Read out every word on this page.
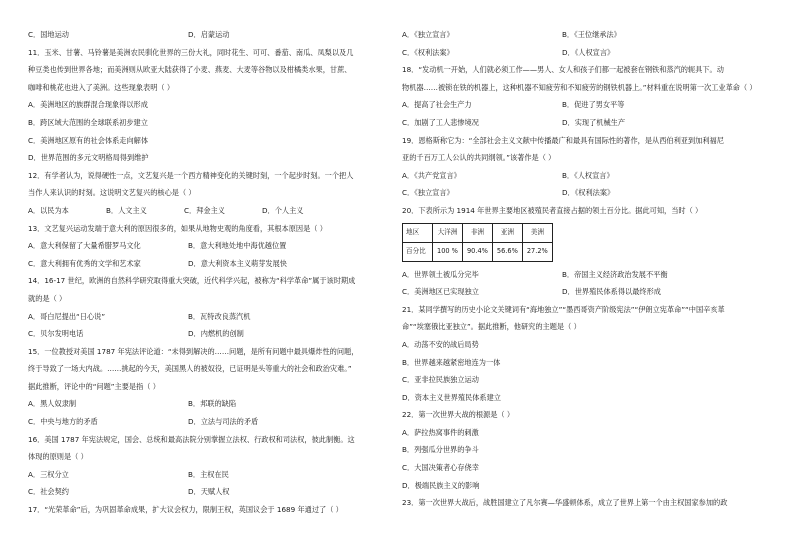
C．国地运动	D．启蒙运动
11．玉米、甘薯、马铃薯是美洲农民驯化世界的三份大礼，同时花生、可可、番茄、南瓜、凤梨以及几
种豆类也传到世界各地；而美洲则从欧亚大陆获得了小麦、燕麦、大麦等谷物以及柑橘类水果，甘蔗、
咖啡和桃花也进入了美洲。这些现象表明（ ）
A．美洲地区的族群混合现象得以形成
B．跨区域大范围的全球联系初步建立
C．美洲地区原有的社会体系走向解体
D．世界范围的多元文明格局得到维护
12．有学者认为，说得硬性一点，文艺复兴是一个西方精神变化的关键时刻，一个起步时刻。一个把人
当作人来认识的时刻。这说明文艺复兴的核心是（ ）
A．以民为本	B．人文主义	C．拜金主义	D．个人主义
13．文艺复兴运动发端于意大利的原因很多的，如果从地物史观的角度看，其根本原因是（ ）
A．意大利保留了大量希腊罗马文化	B．意大利地处地中海优越位置
C．意大利拥有优秀的文学和艺术家	D．意大利资本主义萌芽发展快
14．16-17 世纪，欧洲的自然科学研究取得重大突破，近代科学兴起，被称为“科学革命”属于该时期成
就的是（ ）
A．哥白尼提出“日心说”	B．瓦特改良蒸汽机
C．贝尔发明电话	D．内燃机的创制
15．一位教授对美国 1787 年宪法评论道：“未得到解决的……问题，是所有问题中最具爆炸性的问题，
终于导致了一场大内战。……挑起的今天，美国黑人的被奴役，已证明是头等重大的社会和政治灾难。”
据此推断，评论中的“问题”主要是指（ ）
A．黑人奴隶制	B．邦联的缺陷
C．中央与地方的矛盾	D．立法与司法的矛盾
16．美国 1787 年宪法规定，国会、总统和最高法院分别掌握立法权、行政权和司法权，彼此制衡。这
体现的原则是（ ）
A．三权分立	B．主权在民
C．社会契约	D．天赋人权
17．“光荣革命”后，为巩固革命成果，扩大议会权力，限制王权，英国议会于 1689 年通过了（ ）
A．《独立宣言》	B．《王位继承法》
C．《权利法案》	D．《人权宣言》
18．“发动机一开始，人们就必须工作——男人、女人和孩子们都一起被套在钢铁和蒸汽的轭具下。动
物机器……被锁在铁的机器上，这种机器不知疲劳和不知疲劳的钢铁机器上。”材料重在说明第一次工业革命（ ）
A．提高了社会生产力	B．促进了男女平等
C．加剧了工人悲惨境况	D．实现了机械生产
19．恩格斯称它为：“全部社会主义文献中传播最广和最具有国际性的著作，是从西伯利亚到加利福尼
亚的千百万工人公认的共同纲领。”该著作是（ ）
A．《共产党宣言》	B．《人权宣言》
C．《独立宣言》	D．《权利法案》
20．下表所示为 1914 年世界主要地区被殖民者直接占据的领土百分比。据此可知，当时（ ）
地区	大洋洲	非洲	亚洲	美洲
百分比	100 %	90.4%	56.6%	27.2%
A．世界领土被瓜分完毕	B．帝国主义经济政治发展不平衡
C．美洲地区已实现独立	D．世界殖民体系得以最终形成
21．某同学撰写的历史小论文关键词有“海地独立”“墨西哥资产阶级宪法”“伊朗立宪革命”“中国辛亥革
命”“埃塞俄比亚独立”。据此推断，他研究的主题是（ ）
A．动荡不安的战后局势
B．世界越来越紧密地连为一体
C．亚非拉民族独立运动
D．资本主义世界殖民体系建立
22．第一次世界大战的根源是（ ）
A．萨拉热窝事件的刺激
B．列强瓜分世界的争斗
C．大国决策者心存侥幸
D．极端民族主义的影响
23．第一次世界大战后，战胜国建立了凡尔赛—华盛顿体系，成立了世界上第一个由主权国家参加的政
